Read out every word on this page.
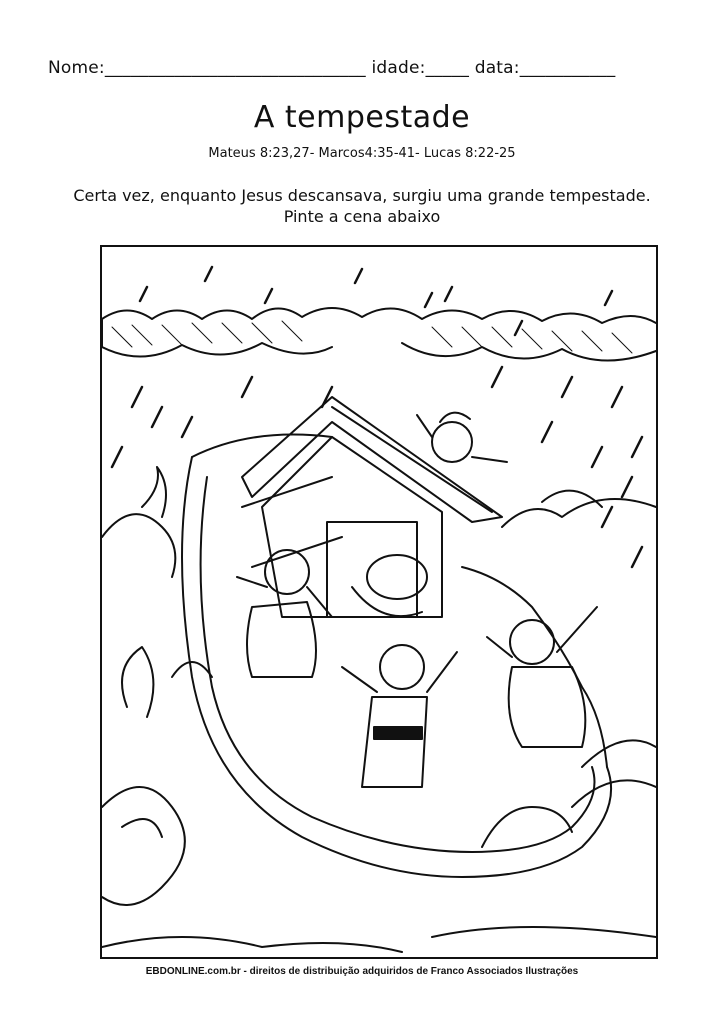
Nome:______________________________ idade:_____ data:___________
A tempestade
Mateus 8:23,27- Marcos4:35-41- Lucas 8:22-25
Certa vez, enquanto Jesus descansava, surgiu uma grande tempestade.
Pinte a cena abaixo
EBDONLINE.com.br - direitos de distribuição adquiridos de Franco Associados Ilustrações
